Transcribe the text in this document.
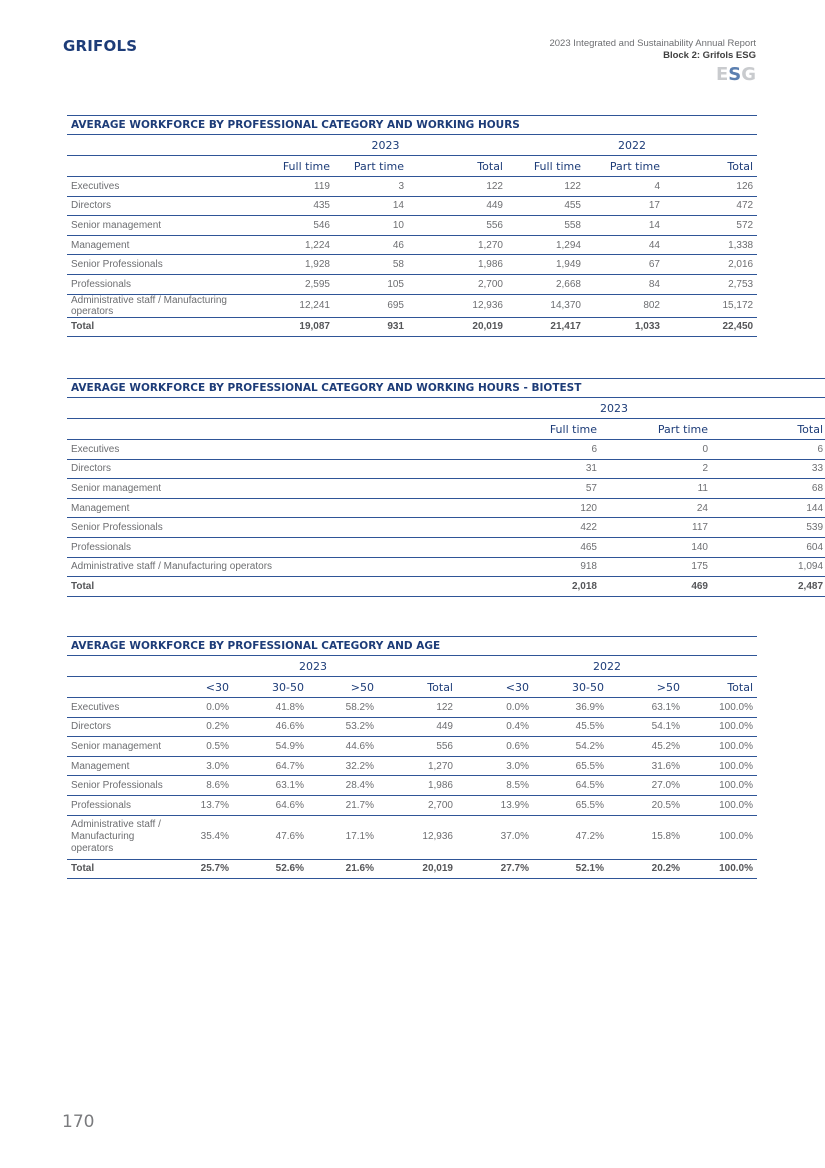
GRIFOLS	2023 Integrated and Sustainability Annual Report
Block 2: Grifols ESG
ESG
AVERAGE WORKFORCE BY PROFESSIONAL CATEGORY AND WORKING HOURS						
	2023			2022		
	Full time	Part time	Total	Full time	Part time	Total
Executives	119	3	122	122	4	126
Directors	435	14	449	455	17	472
Senior management	546	10	556	558	14	572
Management	1,224	46	1,270	1,294	44	1,338
Senior Professionals	1,928	58	1,986	1,949	67	2,016
Professionals	2,595	105	2,700	2,668	84	2,753
Administrative staff / Manufacturing operators	12,241	695	12,936	14,370	802	15,172
Total	19,087	931	20,019	21,417	1,033	22,450
AVERAGE WORKFORCE BY PROFESSIONAL CATEGORY AND WORKING HOURS - BIOTEST			
	2023		
	Full time	Part time	Total
Executives	6	0	6
Directors	31	2	33
Senior management	57	11	68
Management	120	24	144
Senior Professionals	422	117	539
Professionals	465	140	604
Administrative staff / Manufacturing operators	918	175	1,094
Total	2,018	469	2,487
AVERAGE WORKFORCE BY PROFESSIONAL CATEGORY AND AGE								
	2023				2022			
	<30	30-50	>50	Total	<30	30-50	>50	Total
Executives	0.0%	41.8%	58.2%	122	0.0%	36.9%	63.1%	100.0%
Directors	0.2%	46.6%	53.2%	449	0.4%	45.5%	54.1%	100.0%
Senior management	0.5%	54.9%	44.6%	556	0.6%	54.2%	45.2%	100.0%
Management	3.0%	64.7%	32.2%	1,270	3.0%	65.5%	31.6%	100.0%
Senior Professionals	8.6%	63.1%	28.4%	1,986	8.5%	64.5%	27.0%	100.0%
Professionals	13.7%	64.6%	21.7%	2,700	13.9%	65.5%	20.5%	100.0%
Administrative staff / Manufacturing operators	35.4%	47.6%	17.1%	12,936	37.0%	47.2%	15.8%	100.0%
Total	25.7%	52.6%	21.6%	20,019	27.7%	52.1%	20.2%	100.0%
170
